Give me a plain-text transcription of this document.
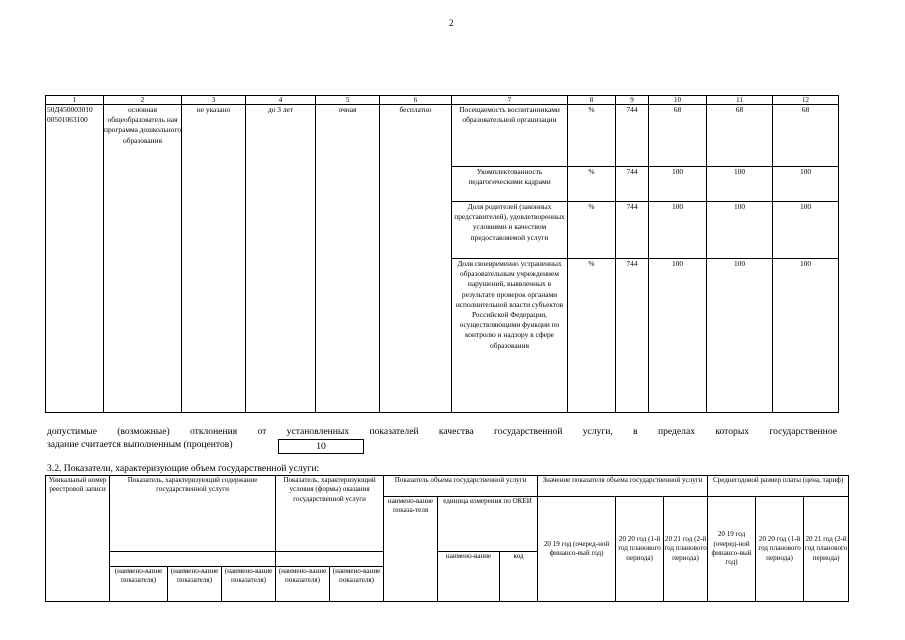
2
1	2	3	4	5	6	7	8	9	10	11	12
50Д450003010 00501063100	основная общеобразователь ная программа дошкольного образования	не указано	до 3 лет	очная	бесплатно	Посещаемость воспитанниками образовательной организации	%	744	68	68	68
						Укомплектованность педагогическими кадрами	%	744	100	100	100
						Доля родителей (законных представителей), удовлетворенных условиями и качеством предоставляемой услуги	%	744	100	100	100
						Доля своевременно устраненных образовательным учреждением нарушений, выявленных в результате проверок органами исполнительной власти субъектов Российской Федерации, осуществляющими функции по контролю и надзору в сфере образования	%	744	100	100	100
допустимые (возможные) отклонения от установленных показателей качества государственной услуги, в пределах которых государственное
задание считается выполненным (процентов)	10
3.2. Показатели, характеризующие объем государственной услуги:
Уникальный номер реестровой записи	Показатель, характеризующий содержание государственной услуги			Показатель, характеризующий условия (формы) оказания государственной услуги		Показатель объема государственной услуги			Значение показателя объема государственной услуги			Среднегодовой размер платы (цена, тариф)		
						наимено-вание показа-теля	единица измерения по ОКЕИ		20 19 год (очеред-ной финансо-вый год)	20 20 год (1-й год планового периода)	20 21 год (2-й год планового периода)	20 19 год (очеред-ной финансо-вый год)	20 20 год (1-й год планового периода)	20 21 год (2-й год планового периода)
							наимено-вание	код						
	(наимено-вание показателя)	(наимено-вание показателя)	(наимено-вание показателя)	(наимено-вание показателя)	(наимено-вание показателя)									
